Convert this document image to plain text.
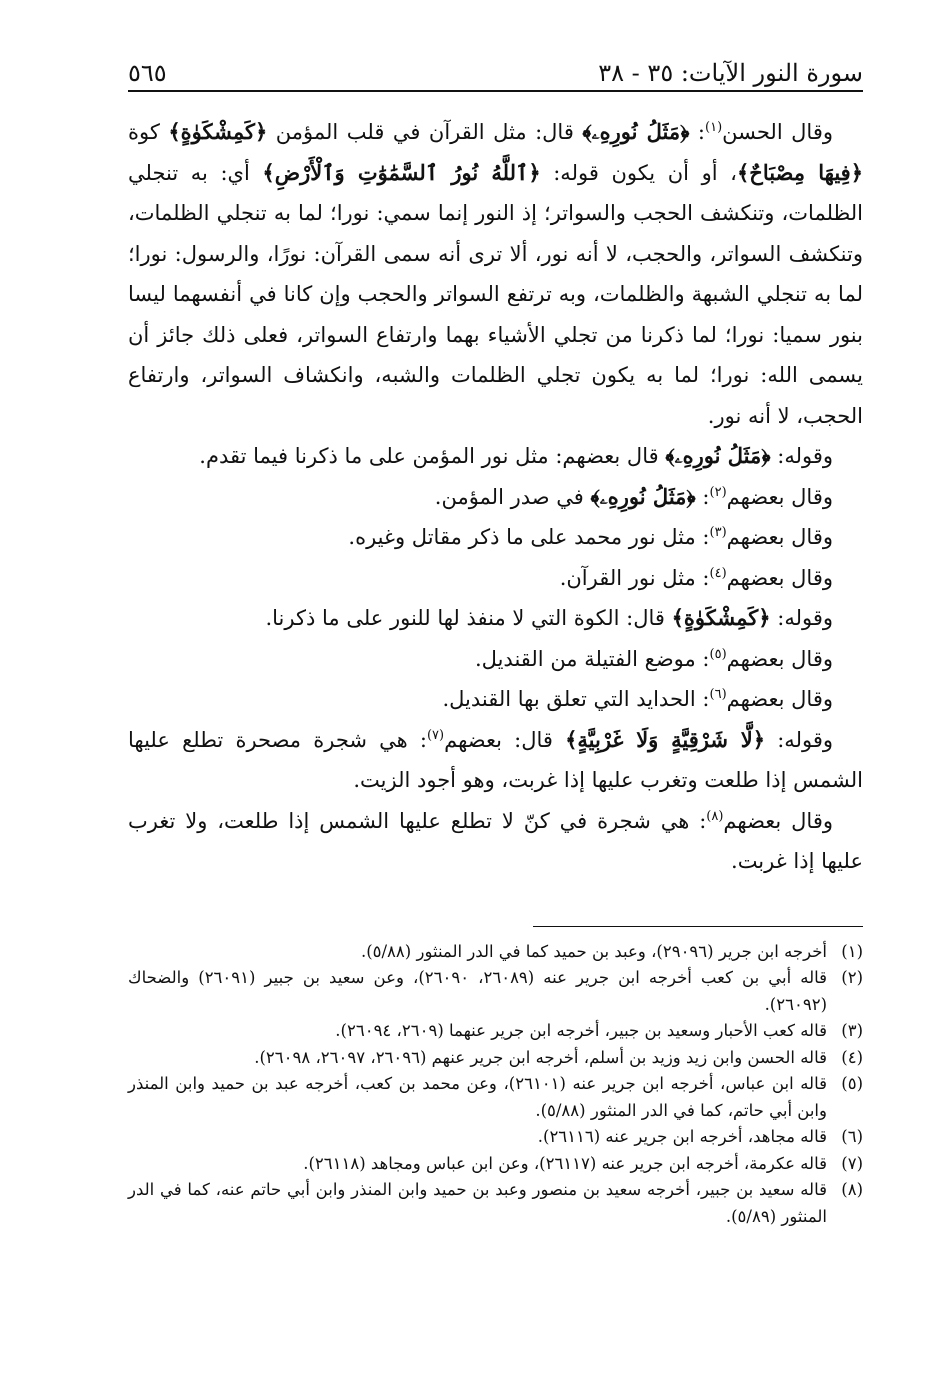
سورة النور الآيات: ٣٥ - ٣٨
٥٦٥

وقال الحسن$^{(١)}$: ﴿مَثَلُ نُورِهِۦ﴾ قال: مثل القرآن في قلب المؤمن ﴿كَمِشْكَوٰةٍ﴾ كوة ﴿فِيهَا مِصْبَاحٌ﴾، أو أن يكون قوله: ﴿ٱللَّهُ نُورُ ٱلسَّمَٰوَٰتِ وَٱلْأَرْضِ﴾ أي: به تنجلي الظلمات، وتنكشف الحجب والسواتر؛ إذ النور إنما سمي: نورا؛ لما به تنجلي الظلمات، وتنكشف السواتر، والحجب، لا أنه نور، ألا ترى أنه سمى القرآن: نورًا، والرسول: نورا؛ لما به تنجلي الشبهة والظلمات، وبه ترتفع السواتر والحجب وإن كانا في أنفسهما ليسا بنور سميا: نورا؛ لما ذكرنا من تجلي الأشياء بهما وارتفاع السواتر، فعلى ذلك جائز أن يسمى الله: نورا؛ لما به يكون تجلي الظلمات والشبه، وانكشاف السواتر، وارتفاع الحجب، لا أنه نور.

وقوله: ﴿مَثَلُ نُورِهِۦ﴾ قال بعضهم: مثل نور المؤمن على ما ذكرنا فيما تقدم.

وقال بعضهم$^{(٢)}$: ﴿مَثَلُ نُورِهِۦ﴾ في صدر المؤمن.

وقال بعضهم$^{(٣)}$: مثل نور محمد على ما ذكر مقاتل وغيره.

وقال بعضهم$^{(٤)}$: مثل نور القرآن.

وقوله: ﴿كَمِشْكَوٰةٍ﴾ قال: الكوة التي لا منفذ لها للنور على ما ذكرنا.

وقال بعضهم$^{(٥)}$: موضع الفتيلة من القنديل.

وقال بعضهم$^{(٦)}$: الحدايد التي تعلق بها القنديل.

وقوله: ﴿لَّا شَرْقِيَّةٍ وَلَا غَرْبِيَّةٍ﴾ قال: بعضهم$^{(٧)}$: هي شجرة مصحرة تطلع عليها الشمس إذا طلعت وتغرب عليها إذا غربت، وهو أجود الزيت.

وقال بعضهم$^{(٨)}$: هي شجرة في كنّ لا تطلع عليها الشمس إذا طلعت، ولا تغرب عليها إذا غربت.

(١)
أخرجه ابن جرير (٢٩٠٩٦)، وعبد بن حميد كما في الدر المنثور (٥/٨٨).
(٢)
قاله أبي بن كعب أخرجه ابن جرير عنه (٢٦٠٨٩، ٢٦٠٩٠)، وعن سعيد بن جبير (٢٦٠٩١) والضحاك (٢٦٠٩٢).
(٣)
قاله كعب الأحبار وسعيد بن جبير، أخرجه ابن جرير عنهما (٢٦٠٩، ٢٦٠٩٤).
(٤)
قاله الحسن وابن زيد وزيد بن أسلم، أخرجه ابن جرير عنهم (٢٦٠٩٦، ٢٦٠٩٧، ٢٦٠٩٨).
(٥)
قاله ابن عباس، أخرجه ابن جرير عنه (٢٦١٠١)، وعن محمد بن كعب، أخرجه عبد بن حميد وابن المنذر وابن أبي حاتم، كما في الدر المنثور (٥/٨٨).
(٦)
قاله مجاهد، أخرجه ابن جرير عنه (٢٦١١٦).
(٧)
قاله عكرمة، أخرجه ابن جرير عنه (٢٦١١٧)، وعن ابن عباس ومجاهد (٢٦١١٨).
(٨)
قاله سعيد بن جبير، أخرجه سعيد بن منصور وعبد بن حميد وابن المنذر وابن أبي حاتم عنه، كما في الدر المنثور (٥/٨٩).
